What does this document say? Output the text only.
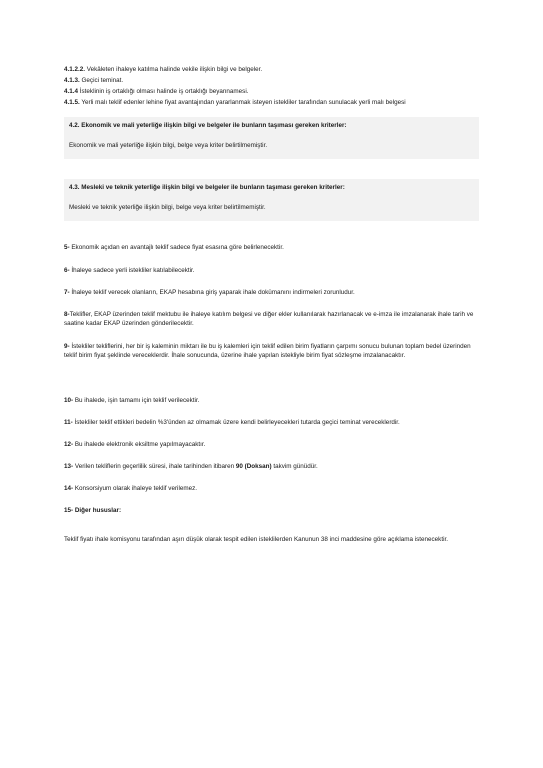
4.1.2.2. Vekâleten ihaleye katılma halinde vekile ilişkin bilgi ve belgeler.
4.1.3. Geçici teminat.
4.1.4 İsteklinin iş ortaklığı olması halinde iş ortaklığı beyannamesi.
4.1.5. Yerli malı teklif edenler lehine fiyat avantajından yararlanmak isteyen istekliler tarafından sunulacak yerli malı belgesi
4.2. Ekonomik ve mali yeterliğe ilişkin bilgi ve belgeler ile bunların taşıması gereken kriterler:
Ekonomik ve mali yeterliğe ilişkin bilgi, belge veya kriter belirtilmemiştir.
4.3. Mesleki ve teknik yeterliğe ilişkin bilgi ve belgeler ile bunların taşıması gereken kriterler:
Mesleki ve teknik yeterliğe ilişkin bilgi, belge veya kriter belirtilmemiştir.
5- Ekonomik açıdan en avantajlı teklif sadece fiyat esasına göre belirlenecektir.
6- İhaleye sadece yerli istekliler katılabilecektir.
7- İhaleye teklif verecek olanların, EKAP hesabına giriş yaparak ihale dokümanını indirmeleri zorunludur.
8-Teklifler, EKAP üzerinden teklif mektubu ile ihaleye katılım belgesi ve diğer ekler kullanılarak hazırlanacak ve e-imza ile imzalanarak ihale tarih ve saatine kadar EKAP üzerinden gönderilecektir.
9- İstekliler tekliflerini, her bir iş kaleminin miktarı ile bu iş kalemleri için teklif edilen birim fiyatların çarpımı sonucu bulunan toplam bedel üzerinden teklif birim fiyat şeklinde vereceklerdir. İhale sonucunda, üzerine ihale yapılan istekliyle birim fiyat sözleşme imzalanacaktır.
10- Bu ihalede, işin tamamı için teklif verilecektir.
11- İstekliler teklif ettikleri bedelin %3'ünden az olmamak üzere kendi belirleyecekleri tutarda geçici teminat vereceklerdir.
12- Bu ihalede elektronik eksiltme yapılmayacaktır.
13- Verilen tekliflerin geçerlilik süresi, ihale tarihinden itibaren 90 (Doksan) takvim günüdür.
14- Konsorsiyum olarak ihaleye teklif verilemez.
15- Diğer hususlar:
Teklif fiyatı ihale komisyonu tarafından aşırı düşük olarak tespit edilen isteklilerden Kanunun 38 inci maddesine göre açıklama istenecektir.
